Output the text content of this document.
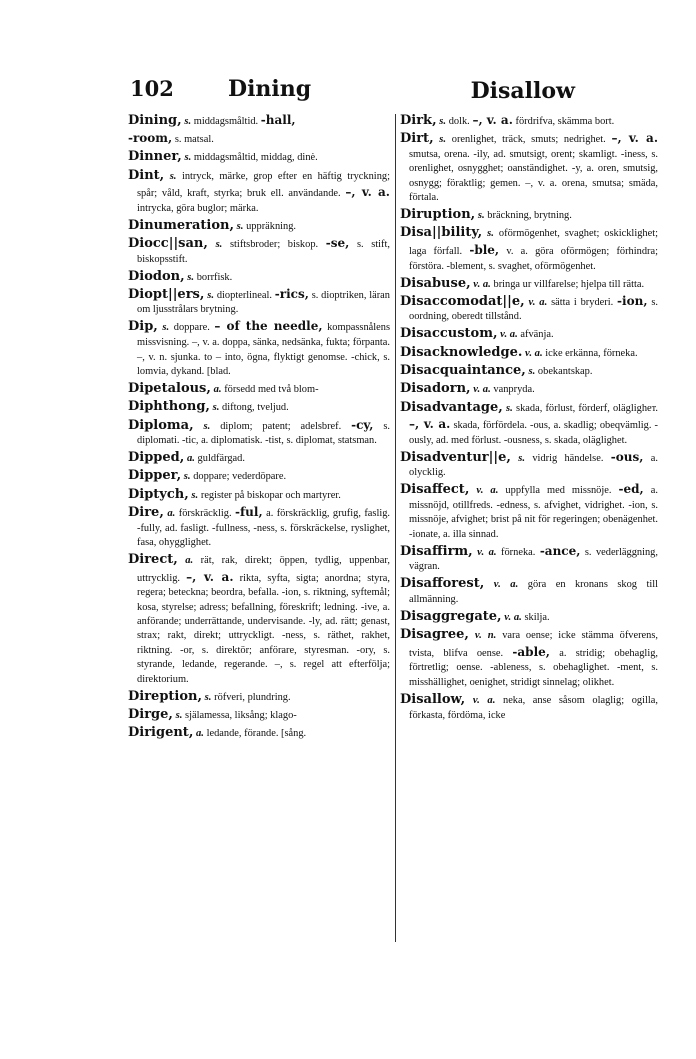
102 Dining	Disallow
Dining, s. middagsmåltid. -hall,
-room, s. matsal.
Dinner, s. middagsmåltid, middag, dinė.
Dint, s. intryck, märke, grop efter en häftig tryckning; spår; våld, kraft, styrka; bruk ell. användande. –, v. a. intrycka, göra buglor; märka.
Dinumeration, s. uppräkning.
Diocc||san, s. stiftsbroder; biskop. -se, s. stift, biskopsstift.
Diodon, s. borrfisk.
Diopt||ers, s. diopterlineal. -rics, s. dioptriken, läran om ljusstrålars brytning.
Dip, s. doppare. – of the needle, kompassnålens missvisning. –, v. a. doppa, sänka, nedsänka, fukta; förpanta. –, v. n. sjunka. to – into, ögna, flyktigt genomse. -chick, s. lomvia, dykand. [blad.
Dipetalous, a. försedd med två blom-
Diphthong, s. diftong, tveljud.
Diploma, s. diplom; patent; adelsbref. -cy, s. diplomati. -tic, a. diplomatisk. -tist, s. diplomat, statsman.
Dipped, a. guldfärgad.
Dipper, s. doppare; vederdöpare.
Diptych, s. register på biskopar och martyrer.
Dire, a. förskräcklig. -ful, a. förskräcklig, grufig, faslig. -fully, ad. fasligt. -fullness, -ness, s. förskräckelse, ryslighet, fasa, ohygglighet.
Direct, a. rät, rak, direkt; öppen, tydlig, uppenbar, uttrycklig. –, v. a. rikta, syfta, sigta; anordna; styra, regera; beteckna; beordra, befalla. -ion, s. riktning, syftemål; kosa, styrelse; adress; befallning, föreskrift; ledning. -ive, a. anförande; underrättande, undervisande. -ly, ad. rätt; genast, strax; rakt, direkt; uttryckligt. -ness, s. räthet, rakhet, riktning. -or, s. direktör; anförare, styresman. -ory, s. styrande, ledande, regerande. –, s. regel att efterfölja; direktorium.
Direption, s. röfveri, plundring.
Dirge, s. själamessa, liksång; klago-
Dirigent, a. ledande, förande. [sång.
Dirk, s. dolk. –, v. a. fördrifva, skämma bort.
Dirt, s. orenlighet, träck, smuts; nedrighet. –, v. a. smutsa, orena. -ily, ad. smutsigt, orent; skamligt. -iness, s. orenlighet, osnygghet; oanständighet. -y, a. oren, smutsig, osnygg; föraktlig; gemen. –, v. a. orena, smutsa; smäda, förtala.
Diruption, s. bräckning, brytning.
Disa||bility, s. oförmögenhet, svaghet; oskicklighet; laga förfall. -ble, v. a. göra oförmögen; förhindra; förstöra. -blement, s. svaghet, oförmögenhet.
Disabuse, v. a. bringa ur villfarelse; hjelpa till rätta.
Disaccomodat||e, v. a. sätta i bryderi. -ion, s. oordning, oberedt tillstånd.
Disaccustom, v. a. afvänja.
Disacknowledge. v. a. icke erkänna, förneka.
Disacquaintance, s. obekantskap.
Disadorn, v. a. vanpryda.
Disadvantage, s. skada, förlust, förderf, olägligheт. –, v. a. skada, förfördela. -ous, a. skadlig; obeqvämlig. -ously, ad. med förlust. -ousness, s. skada, oläglighet.
Disadventur||e, s. vidrig händelse. -ous, a. olycklig.
Disaffect, v. a. uppfylla med missnöje. -ed, a. missnöjd, otillfreds. -edness, s. afvighet, vidrighet. -ion, s. missnöje, afvighet; brist på nit för regeringen; obenägenhet. -ionate, a. illa sinnad.
Disaffirm, v. a. förneka. -ance, s. vederläggning, vägran.
Disafforest, v. a. göra en kronans skog till allmänning.
Disaggregate, v. a. skilja.
Disagree, v. n. vara oense; icke stämma öfverens, tvista, blifva oense. -able, a. stridig; obehaglig, förtretlig; oense. -ableness, s. obehaglighet. -ment, s. misshällighet, oenighet, stridigt sinnelag; olikhet.
Disallow, v. a. neka, anse såsom olaglig; ogilla, förkasta, fördöma, icke
